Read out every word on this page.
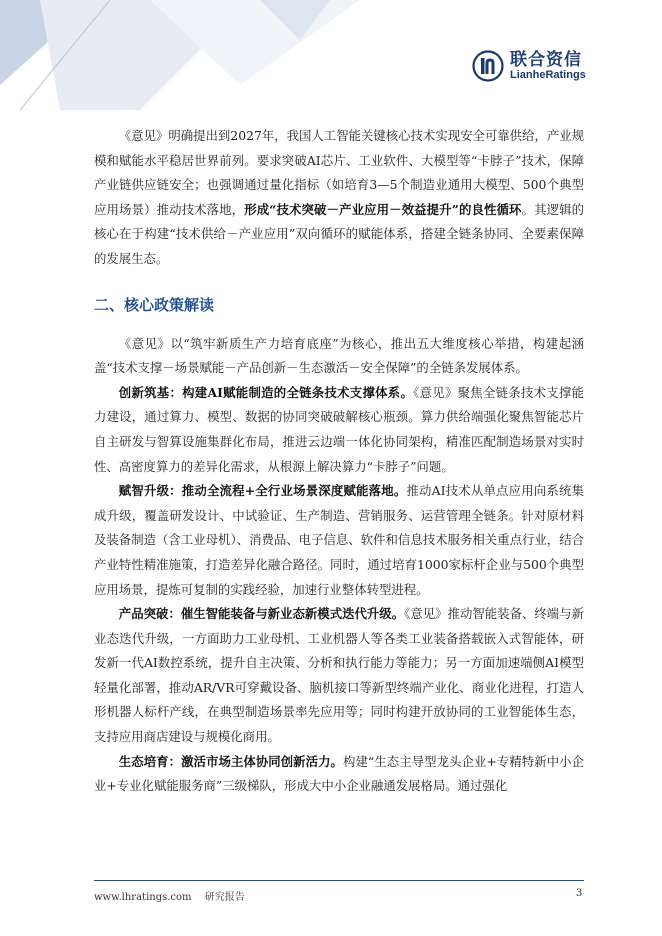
联合资信
LianheRatings

《意见》明确提出到2027年，我国人工智能关键核心技术实现安全可靠供给，产业规模和赋能水平稳居世界前列。要求突破AI芯片、工业软件、大模型等“卡脖子”技术，保障产业链供应链安全；也强调通过量化指标（如培育3—5个制造业通用大模型、500个典型应用场景）推动技术落地，形成“技术突破－产业应用－效益提升”的良性循环。其逻辑的核心在于构建“技术供给－产业应用”双向循环的赋能体系，搭建全链条协同、全要素保障的发展生态。

二、核心政策解读

《意见》以“筑牢新质生产力培育底座”为核心，推出五大维度核心举措，构建起涵盖“技术支撑－场景赋能－产品创新－生态激活－安全保障”的全链条发展体系。

创新筑基：构建AI赋能制造的全链条技术支撑体系。《意见》聚焦全链条技术支撑能力建设，通过算力、模型、数据的协同突破破解核心瓶颈。算力供给端强化聚焦智能芯片自主研发与智算设施集群化布局，推进云边端一体化协同架构，精准匹配制造场景对实时性、高密度算力的差异化需求，从根源上解决算力“卡脖子”问题。

赋智升级：推动全流程+全行业场景深度赋能落地。推动AI技术从单点应用向系统集成升级，覆盖研发设计、中试验证、生产制造、营销服务、运营管理全链条。针对原材料及装备制造（含工业母机）、消费品、电子信息、软件和信息技术服务相关重点行业，结合产业特性精准施策，打造差异化融合路径。同时，通过培育1000家标杆企业与500个典型应用场景，提炼可复制的实践经验，加速行业整体转型进程。

产品突破：催生智能装备与新业态新模式迭代升级。《意见》推动智能装备、终端与新业态迭代升级，一方面助力工业母机、工业机器人等各类工业装备搭载嵌入式智能体，研发新一代AI数控系统，提升自主决策、分析和执行能力等能力；另一方面加速端侧AI模型轻量化部署，推动AR/VR可穿戴设备、脑机接口等新型终端产业化、商业化进程，打造人形机器人标杆产线，在典型制造场景率先应用等；同时构建开放协同的工业智能体生态，支持应用商店建设与规模化商用。

生态培育：激活市场主体协同创新活力。构建“生态主导型龙头企业+专精特新中小企业+专业化赋能服务商”三级梯队，形成大中小企业融通发展格局。通过强化

www.lhratings.com 研究报告	3
